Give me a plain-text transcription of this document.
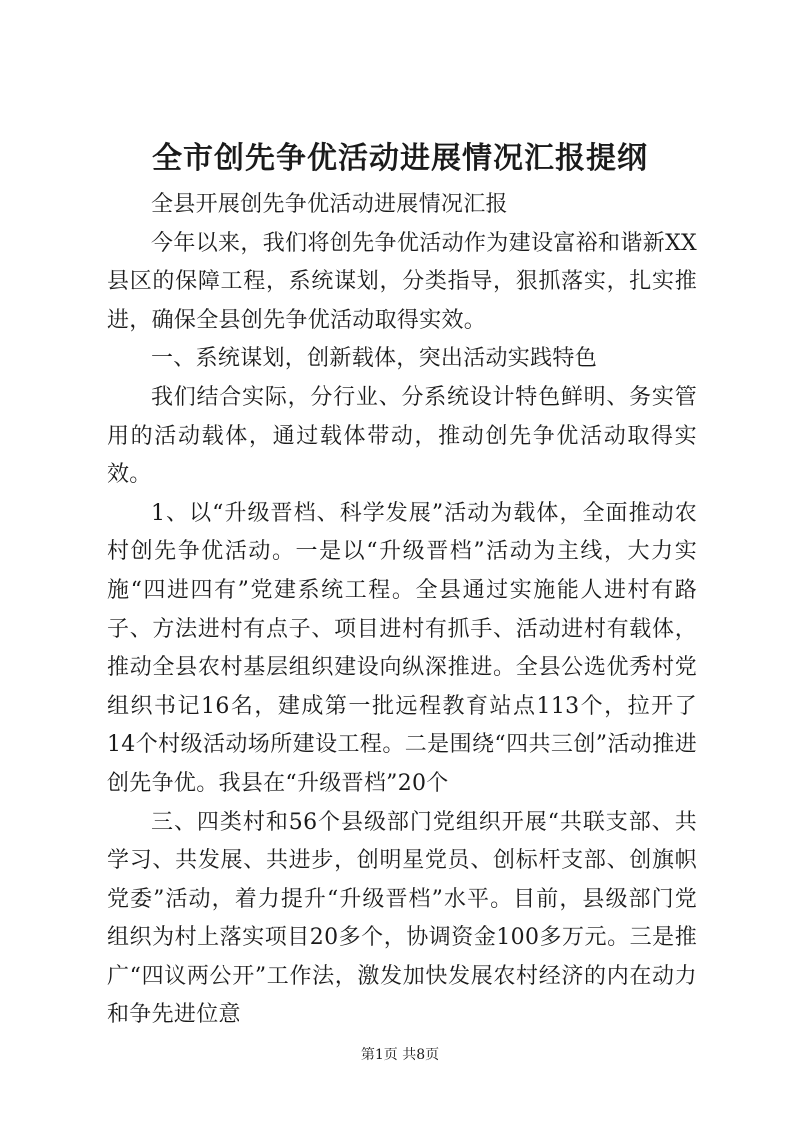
全市创先争优活动进展情况汇报提纲

全县开展创先争优活动进展情况汇报

今年以来，我们将创先争优活动作为建设富裕和谐新XX县区的保障工程，系统谋划，分类指导，狠抓落实，扎实推进，确保全县创先争优活动取得实效。

一、系统谋划，创新载体，突出活动实践特色

我们结合实际，分行业、分系统设计特色鲜明、务实管用的活动载体，通过载体带动，推动创先争优活动取得实效。

1、以“升级晋档、科学发展”活动为载体，全面推动农村创先争优活动。一是以“升级晋档”活动为主线，大力实施“四进四有”党建系统工程。全县通过实施能人进村有路子、方法进村有点子、项目进村有抓手、活动进村有载体，推动全县农村基层组织建设向纵深推进。全县公选优秀村党组织书记16名，建成第一批远程教育站点113个，拉开了14个村级活动场所建设工程。二是围绕“四共三创”活动推进创先争优。我县在“升级晋档”20个

三、四类村和56个县级部门党组织开展“共联支部、共学习、共发展、共进步，创明星党员、创标杆支部、创旗帜党委”活动，着力提升“升级晋档”水平。目前，县级部门党组织为村上落实项目20多个，协调资金100多万元。三是推广“四议两公开”工作法，激发加快发展农村经济的内在动力和争先进位意

第1页 共8页
